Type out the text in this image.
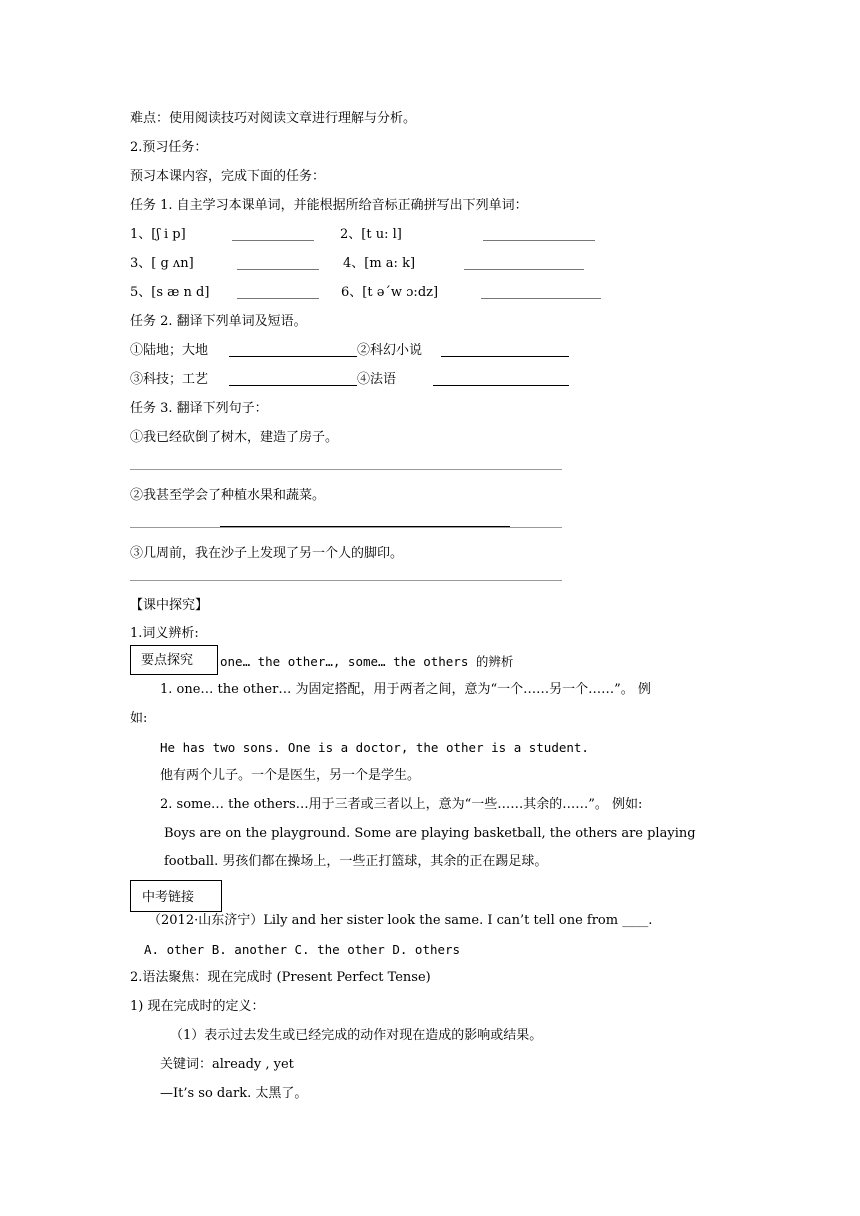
难点：使用阅读技巧对阅读文章进行理解与分析。
2.预习任务：
预习本课内容，完成下面的任务：
任务 1. 自主学习本课单词，并能根据所给音标正确拼写出下列单词：
1、[ʃ i p]	2、[t u: l]
3、[ g ʌn]	4、[m a: k]
5、[s æ n d]	6、[t ə´w ɔ:dz]
任务 2. 翻译下列单词及短语。
①陆地；大地	②科幻小说
③科技；工艺	④法语
任务 3. 翻译下列句子：
①我已经砍倒了树木，建造了房子。
②我甚至学会了种植水果和蔬菜。
③几周前，我在沙子上发现了另一个人的脚印。
【课中探究】
1.词义辨析:
要点探究 one… the other…, some… the others 的辨析
1. one… the other… 为固定搭配，用于两者之间，意为“一个……另一个……”。 例
如:
He has two sons. One is a doctor, the other is a student.
他有两个儿子。一个是医生，另一个是学生。
2. some… the others…用于三者或三者以上，意为“一些……其余的……”。 例如:
Boys are on the playground. Some are playing basketball, the others are playing
football. 男孩们都在操场上，一些正打篮球，其余的正在踢足球。
中考链接
（2012·山东济宁）Lily and her sister look the same. I can’t tell one from ____.
A. other B. another C. the other D. others
2.语法聚焦：现在完成时 (Present Perfect Tense)
1) 现在完成时的定义：
（1）表示过去发生或已经完成的动作对现在造成的影响或结果。
关键词：already , yet
—It’s so dark. 太黑了。
